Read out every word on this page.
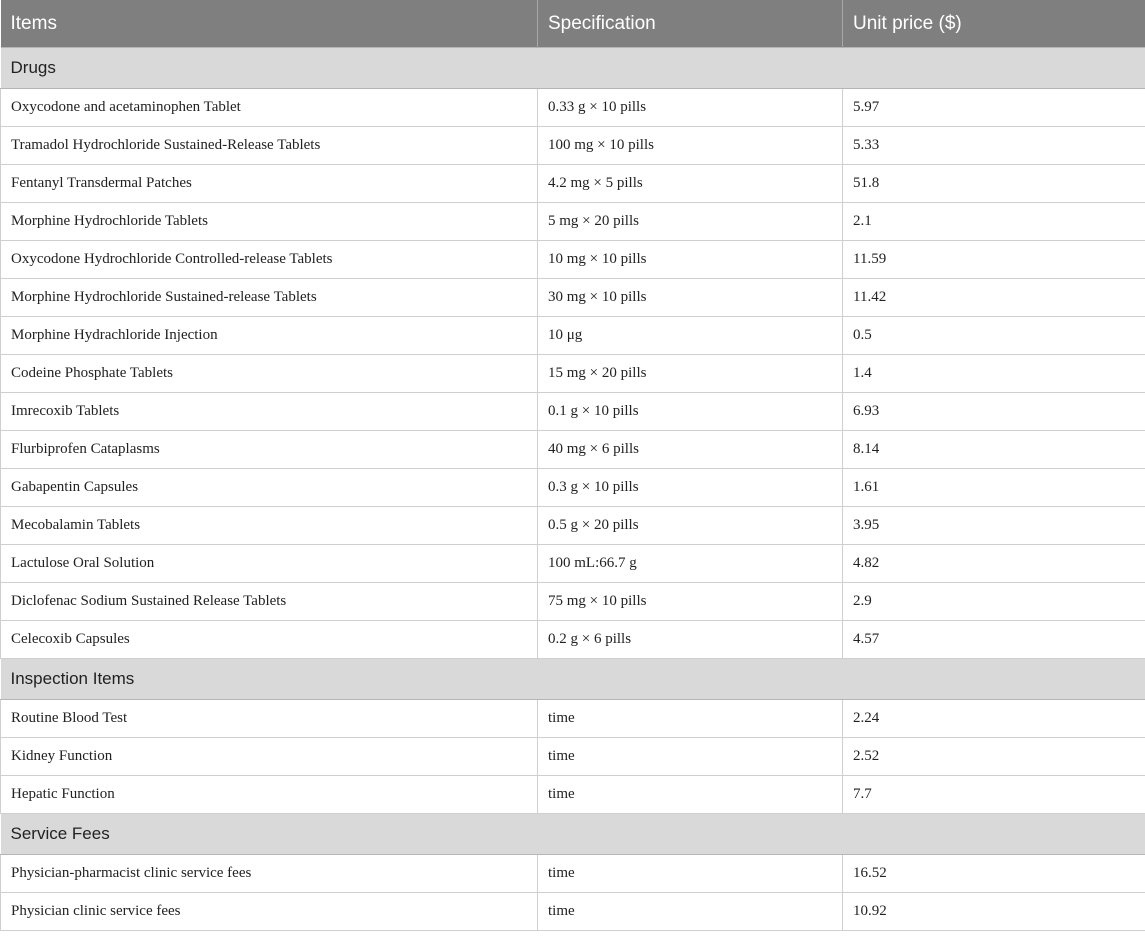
Items	Specification	Unit price ($)
Drugs		
Oxycodone and acetaminophen Tablet	0.33 g × 10 pills	5.97
Tramadol Hydrochloride Sustained-Release Tablets	100 mg × 10 pills	5.33
Fentanyl Transdermal Patches	4.2 mg × 5 pills	51.8
Morphine Hydrochloride Tablets	5 mg × 20 pills	2.1
Oxycodone Hydrochloride Controlled-release Tablets	10 mg × 10 pills	11.59
Morphine Hydrochloride Sustained-release Tablets	30 mg × 10 pills	11.42
Morphine Hydrachloride Injection	10 μg	0.5
Codeine Phosphate Tablets	15 mg × 20 pills	1.4
Imrecoxib Tablets	0.1 g × 10 pills	6.93
Flurbiprofen Cataplasms	40 mg × 6 pills	8.14
Gabapentin Capsules	0.3 g × 10 pills	1.61
Mecobalamin Tablets	0.5 g × 20 pills	3.95
Lactulose Oral Solution	100 mL:66.7 g	4.82
Diclofenac Sodium Sustained Release Tablets	75 mg × 10 pills	2.9
Celecoxib Capsules	0.2 g × 6 pills	4.57
Inspection Items		
Routine Blood Test	time	2.24
Kidney Function	time	2.52
Hepatic Function	time	7.7
Service Fees		
Physician-pharmacist clinic service fees	time	16.52
Physician clinic service fees	time	10.92
